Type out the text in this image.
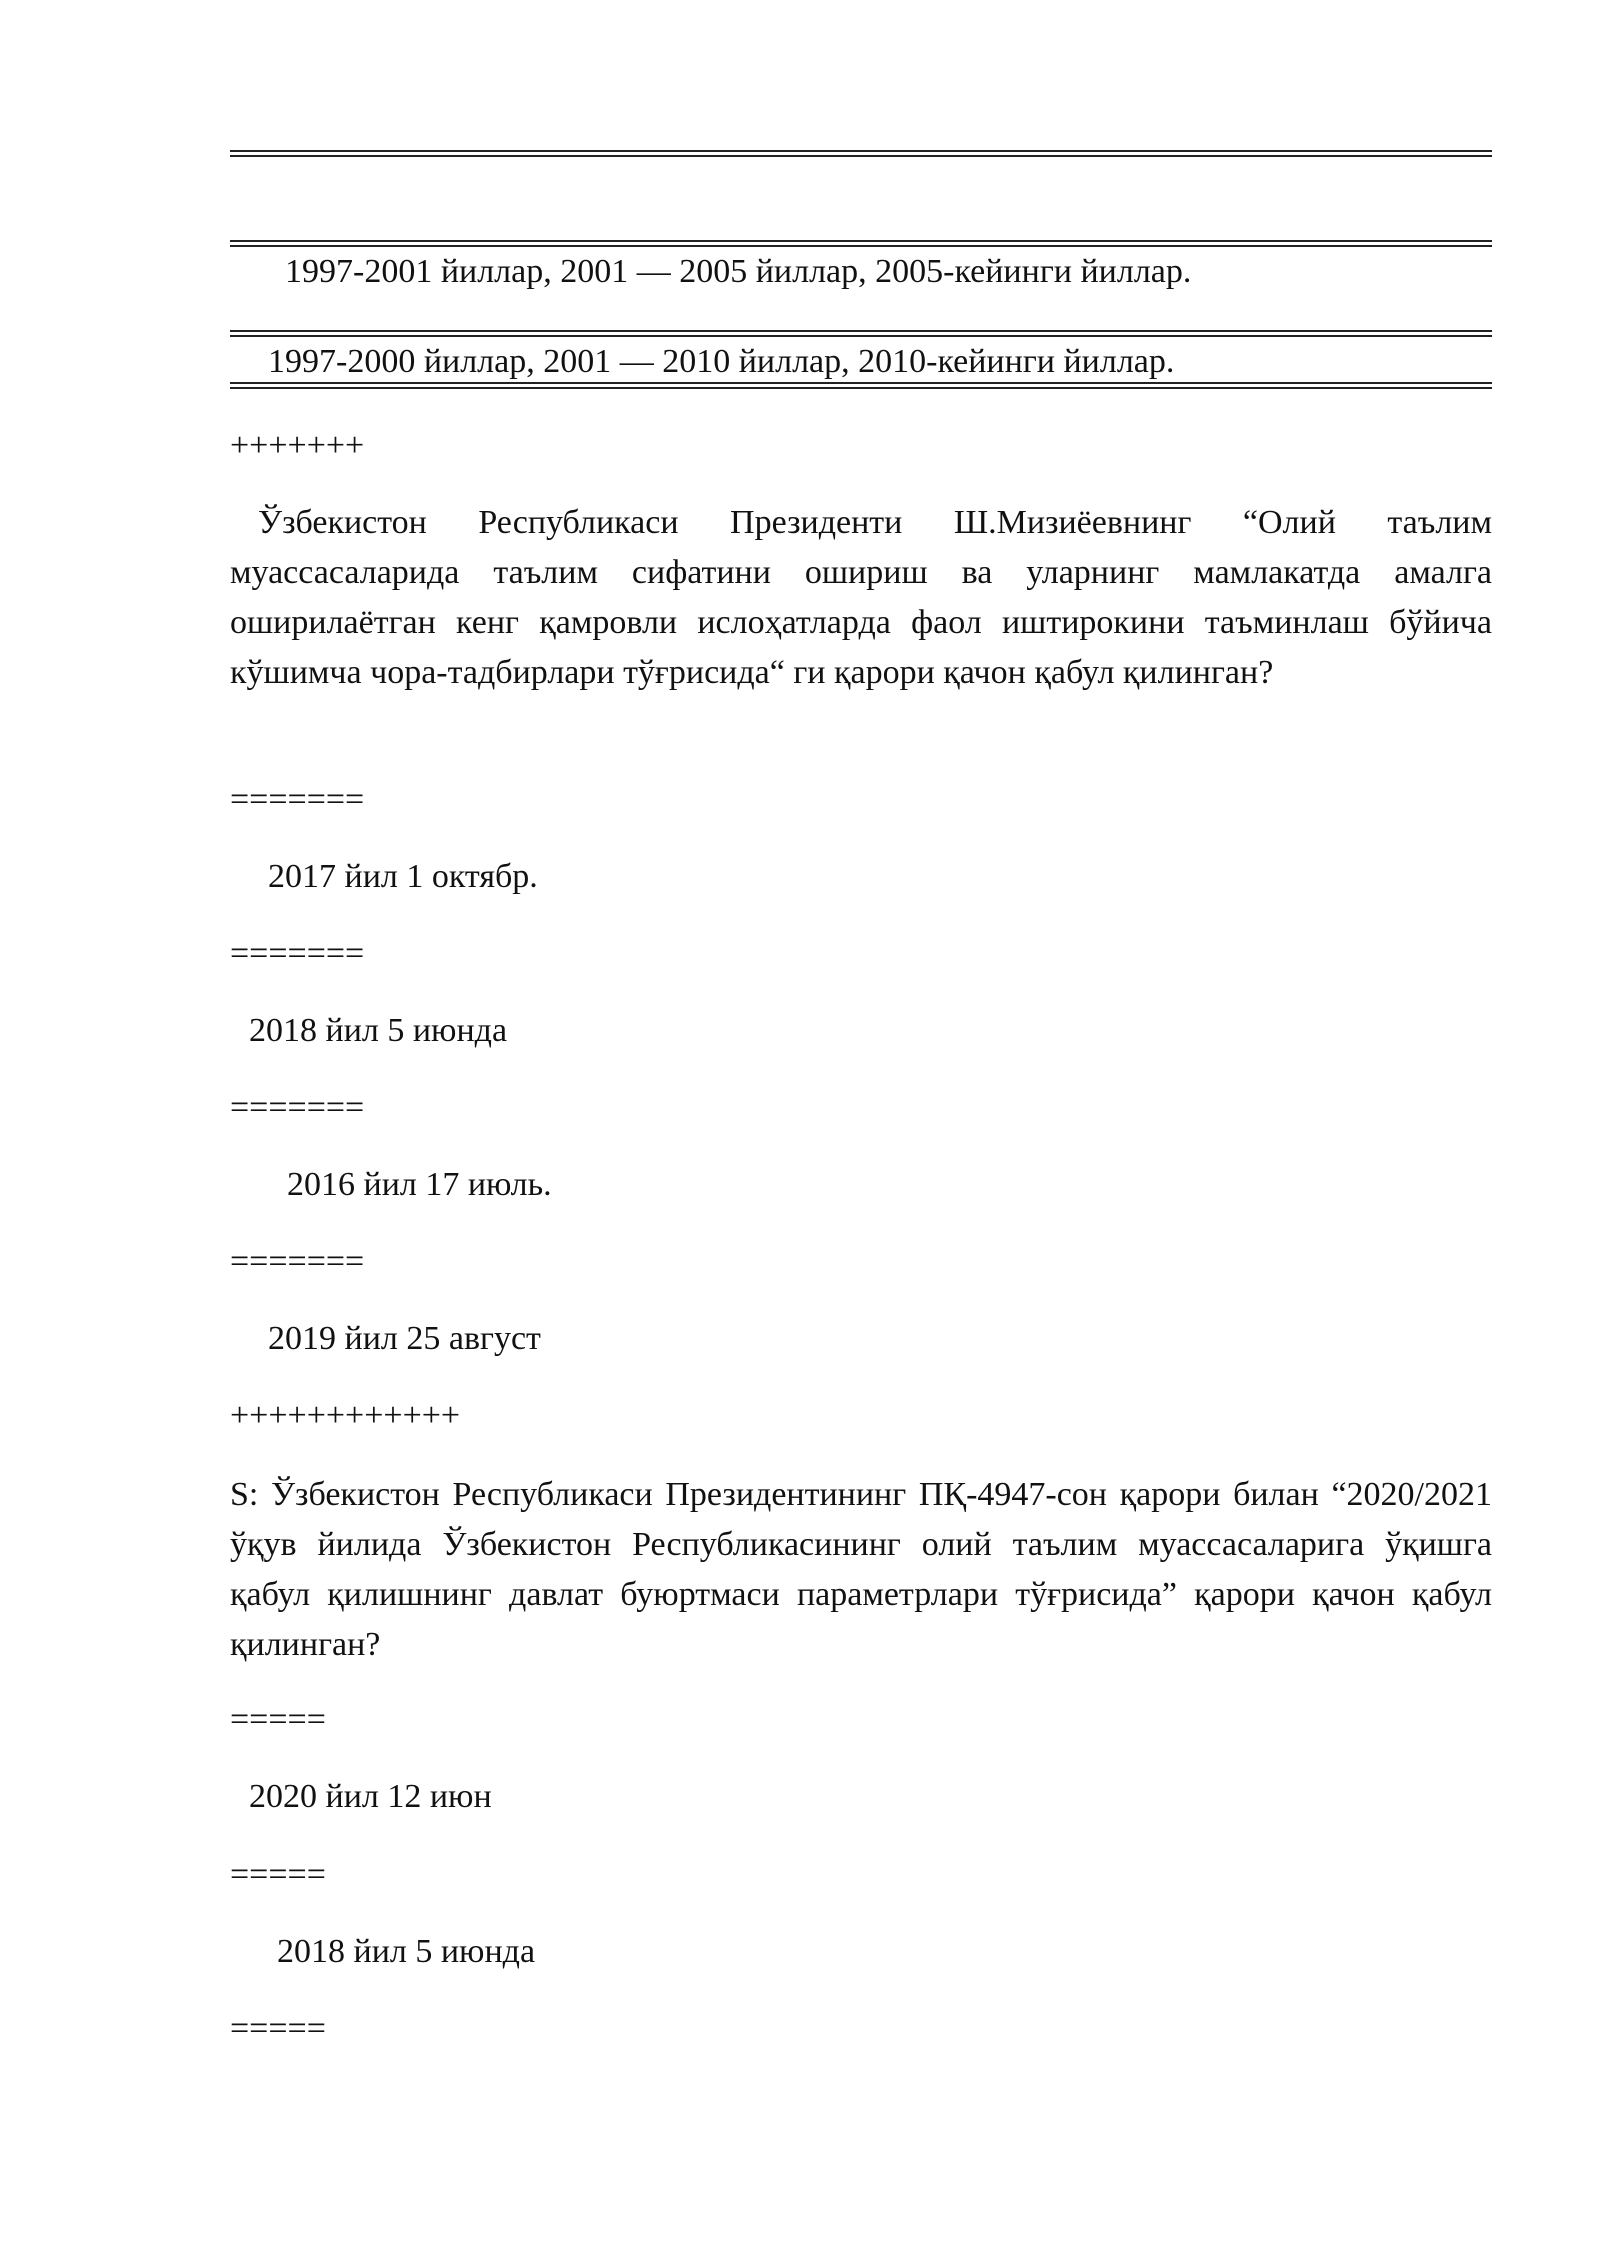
1997-2001 йиллар, 2001 — 2005 йиллар, 2005-кейинги йиллар.
1997-2000 йиллар, 2001 — 2010 йиллар, 2010-кейинги йиллар.
+++++++
Ўзбекистон Республикаси Президенти Ш.Мизиёевнинг “Олий таълим муассасаларида таълим сифатини ошириш ва уларнинг мамлакатда амалга оширилаётган кенг қамровли ислоҳатларда фаол иштирокини таъминлаш бўйича кўшимча чора-тадбирлари тўғрисида“ ги қарори қачон қабул қилинган?
=======
2017 йил 1 октябр.
=======
2018 йил 5 июнда
=======
2016 йил 17 июль.
=======
2019 йил 25 август
++++++++++++
S: Ўзбекистон Республикаси Президентининг ПҚ-4947-сон қарори билан “2020/2021 ўқув йилида Ўзбекистон Республикасининг олий таълим муассасаларига ўқишга қабул қилишнинг давлат буюртмаси параметрлари тўғрисида” қарори қачон қабул қилинган?
=====
2020 йил 12 июн
=====
2018 йил 5 июнда
=====
